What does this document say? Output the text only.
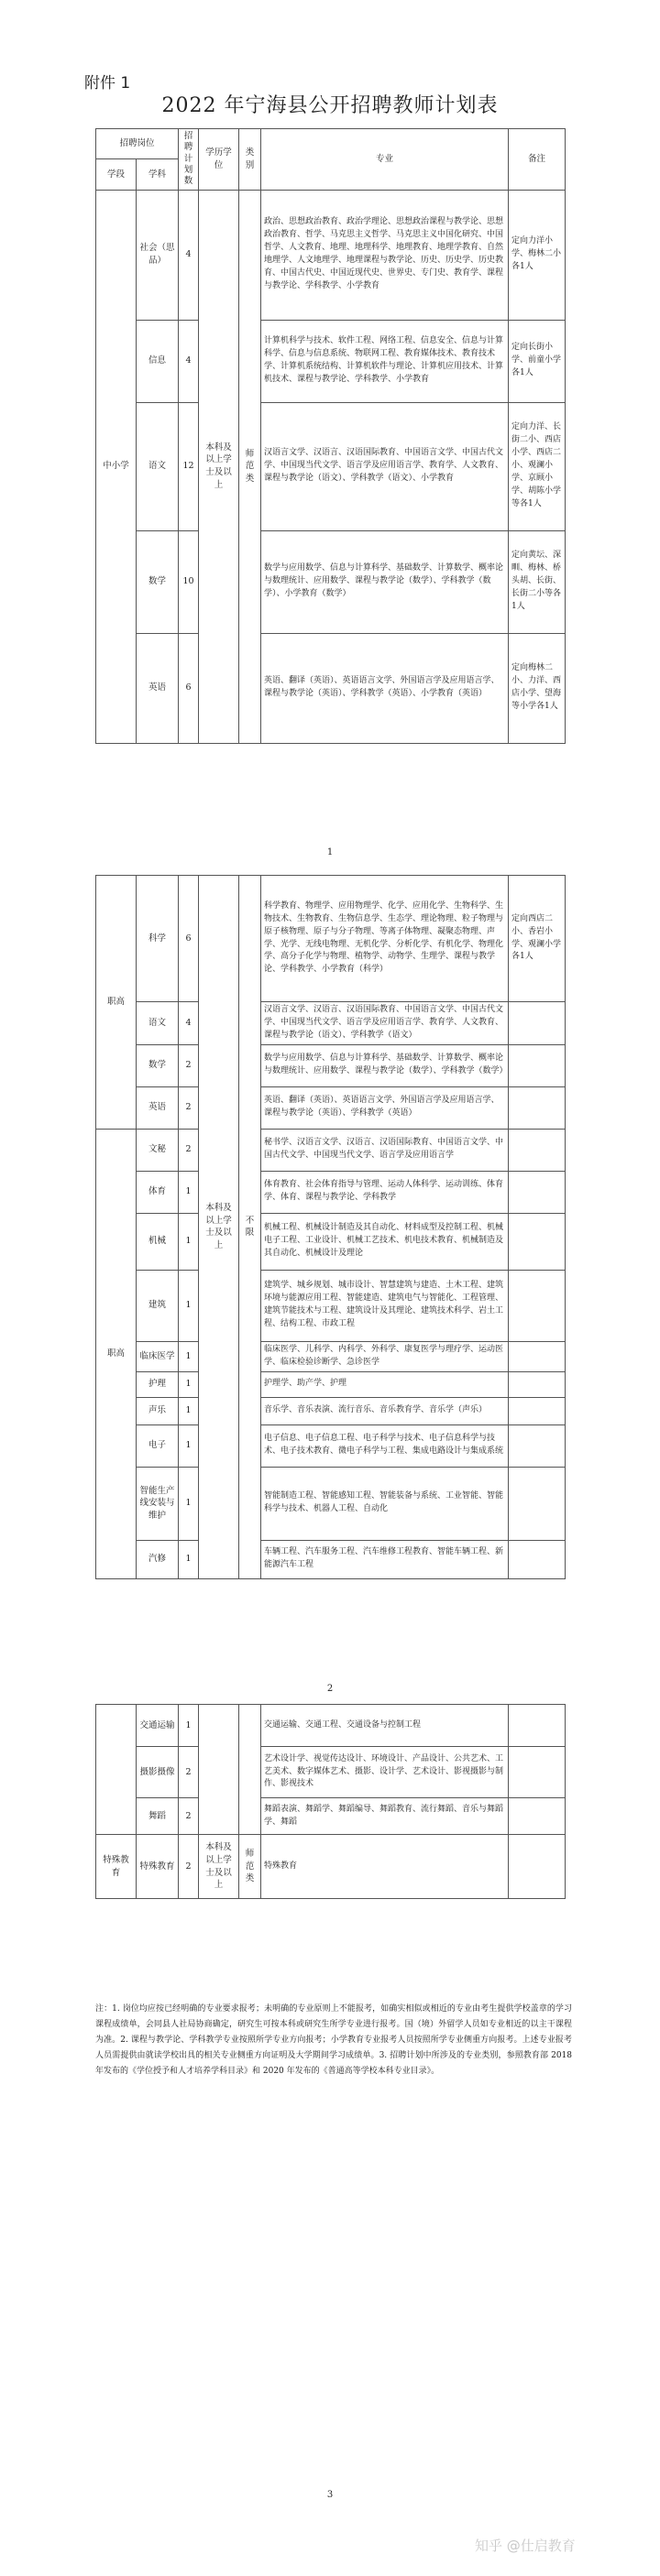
附件 1
2022 年宁海县公开招聘教师计划表
招聘岗位		招聘计划数	学历学位	类别	专业	备注
学段	学科					
中小学	社会（思品）	4	本科及以上学士及以上	师范类	政治、思想政治教育、政治学理论、思想政治课程与教学论、思想政治教育、哲学、马克思主义哲学、马克思主义中国化研究、中国哲学、人文教育、地理、地理科学、地理教育、地理学教育、自然地理学、人文地理学、地理课程与教学论、历史、历史学、历史教育、中国古代史、中国近现代史、世界史、专门史、教育学、课程与教学论、学科教学、小学教育	定向力洋小学、梅林二小各1人
	信息	4			计算机科学与技术、软件工程、网络工程、信息安全、信息与计算科学、信息与信息系统、物联网工程、教育媒体技术、教育技术学、计算机系统结构、计算机软件与理论、计算机应用技术、计算机技术、课程与教学论、学科教学、小学教育	定向长街小学、前童小学各1人
	语文	12			汉语言文学、汉语言、汉语国际教育、中国语言文学、中国古代文学、中国现当代文学、语言学及应用语言学、教育学、人文教育、课程与教学论（语文）、学科教学（语文）、小学教育	定向力洋、长街二小、西店小学、西店二小、观澜小学、京顾小学、胡陈小学等各1人
	数学	10			数学与应用数学、信息与计算科学、基础数学、计算数学、概率论与数理统计、应用数学、课程与教学论（数学）、学科教学（数学）、小学教育（数学）	定向黄坛、深甽、梅林、桥头胡、长街、长街二小等各1人
	英语	6			英语、翻译（英语）、英语语言文学、外国语言学及应用语言学、课程与教学论（英语）、学科教学（英语）、小学教育（英语）	定向梅林二小、力洋、西店小学、望海等小学各1人
1
职高	科学	6	本科及以上学士及以上	不限	科学教育、物理学、应用物理学、化学、应用化学、生物科学、生物技术、生物教育、生物信息学、生态学、理论物理、粒子物理与原子核物理、原子与分子物理、等离子体物理、凝聚态物理、声学、光学、无线电物理、无机化学、分析化学、有机化学、物理化学、高分子化学与物理、植物学、动物学、生理学、课程与教学论、学科教学、小学教育（科学）	定向西店二小、香岩小学、观澜小学各1人
	语文	4			汉语言文学、汉语言、汉语国际教育、中国语言文学、中国古代文学、中国现当代文学、语言学及应用语言学、教育学、人文教育、课程与教学论（语文）、学科教学（语文）	
	数学	2			数学与应用数学、信息与计算科学、基础数学、计算数学、概率论与数理统计、应用数学、课程与教学论（数学）、学科教学（数学）	
	英语	2			英语、翻译（英语）、英语语言文学、外国语言学及应用语言学、课程与教学论（英语）、学科教学（英语）	
职高	文秘	2			秘书学、汉语言文学、汉语言、汉语国际教育、中国语言文学、中国古代文学、中国现当代文学、语言学及应用语言学	
	体育	1			体育教育、社会体育指导与管理、运动人体科学、运动训练、体育学、体育、课程与教学论、学科教学	
	机械	1			机械工程、机械设计制造及其自动化、材料成型及控制工程、机械电子工程、工业设计、机械工艺技术、机电技术教育、机械制造及其自动化、机械设计及理论	
	建筑	1			建筑学、城乡规划、城市设计、智慧建筑与建造、土木工程、建筑环境与能源应用工程、智能建造、建筑电气与智能化、工程管理、建筑节能技术与工程、建筑设计及其理论、建筑技术科学、岩土工程、结构工程、市政工程	
	临床医学	1			临床医学、儿科学、内科学、外科学、康复医学与理疗学、运动医学、临床检验诊断学、急诊医学	
	护理	1			护理学、助产学、护理	
	声乐	1			音乐学、音乐表演、流行音乐、音乐教育学、音乐学（声乐）	
	电子	1			电子信息、电子信息工程、电子科学与技术、电子信息科学与技术、电子技术教育、微电子科学与工程、集成电路设计与集成系统	
	智能生产线安装与维护	1			智能制造工程、智能感知工程、智能装备与系统、工业智能、智能科学与技术、机器人工程、自动化	
	汽修	1			车辆工程、汽车服务工程、汽车维修工程教育、智能车辆工程、新能源汽车工程	
2
	交通运输	1			交通运输、交通工程、交通设备与控制工程	
	摄影摄像	2			艺术设计学、视觉传达设计、环境设计、产品设计、公共艺术、工艺美术、数字媒体艺术、摄影、设计学、艺术设计、影视摄影与制作、影视技术	
	舞蹈	2			舞蹈表演、舞蹈学、舞蹈编导、舞蹈教育、流行舞蹈、音乐与舞蹈学、舞蹈	
特殊教育	特殊教育	2	本科及以上学士及以上	师范类	特殊教育	
注：1. 岗位均应按已经明确的专业要求报考；未明确的专业原则上不能报考，如确实相似或相近的专业由考生提供学校盖章的学习课程成绩单，会同县人社局协商确定，研究生可按本科或研究生所学专业进行报考。国（境）外留学人员如专业相近的以主干课程为准。2. 课程与教学论、学科教学专业按照所学专业方向报考；小学教育专业报考人员按照所学专业侧重方向报考。上述专业报考人员需提供由就读学校出具的相关专业侧重方向证明及大学期间学习成绩单。3. 招聘计划中所涉及的专业类别，参照教育部 2018 年发布的《学位授予和人才培养学科目录》和 2020 年发布的《普通高等学校本科专业目录》。
3
知乎 @仕启教育
